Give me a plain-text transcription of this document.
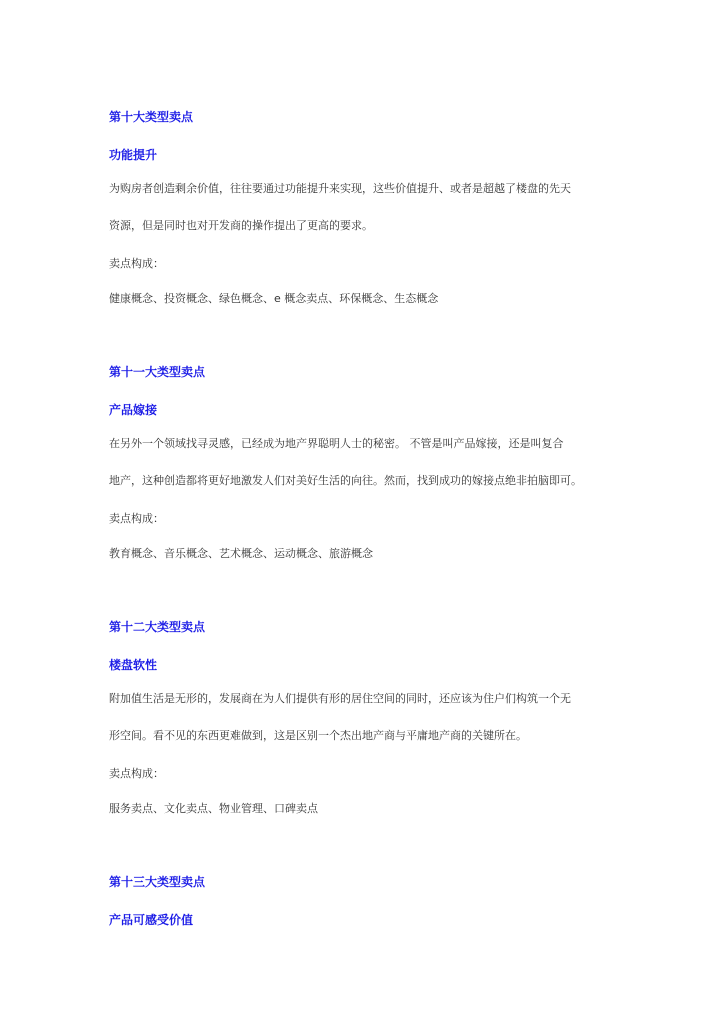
第十大类型卖点
功能提升
为购房者创造剩余价值，往往要通过功能提升来实现，这些价值提升、或者是超越了楼盘的先天
资源，但是同时也对开发商的操作提出了更高的要求。
卖点构成：
健康概念、投资概念、绿色概念、e 概念卖点、环保概念、生态概念
第十一大类型卖点
产品嫁接
在另外一个领域找寻灵感，已经成为地产界聪明人士的秘密。 不管是叫产品嫁接，还是叫复合
地产，这种创造都将更好地激发人们对美好生活的向往。然而，找到成功的嫁接点绝非拍脑即可。
卖点构成：
教育概念、音乐概念、艺术概念、运动概念、旅游概念
第十二大类型卖点
楼盘软性
附加值生活是无形的，发展商在为人们提供有形的居住空间的同时，还应该为住户们构筑一个无
形空间。看不见的东西更难做到，这是区别一个杰出地产商与平庸地产商的关键所在。
卖点构成：
服务卖点、文化卖点、物业管理、口碑卖点
第十三大类型卖点
产品可感受价值
